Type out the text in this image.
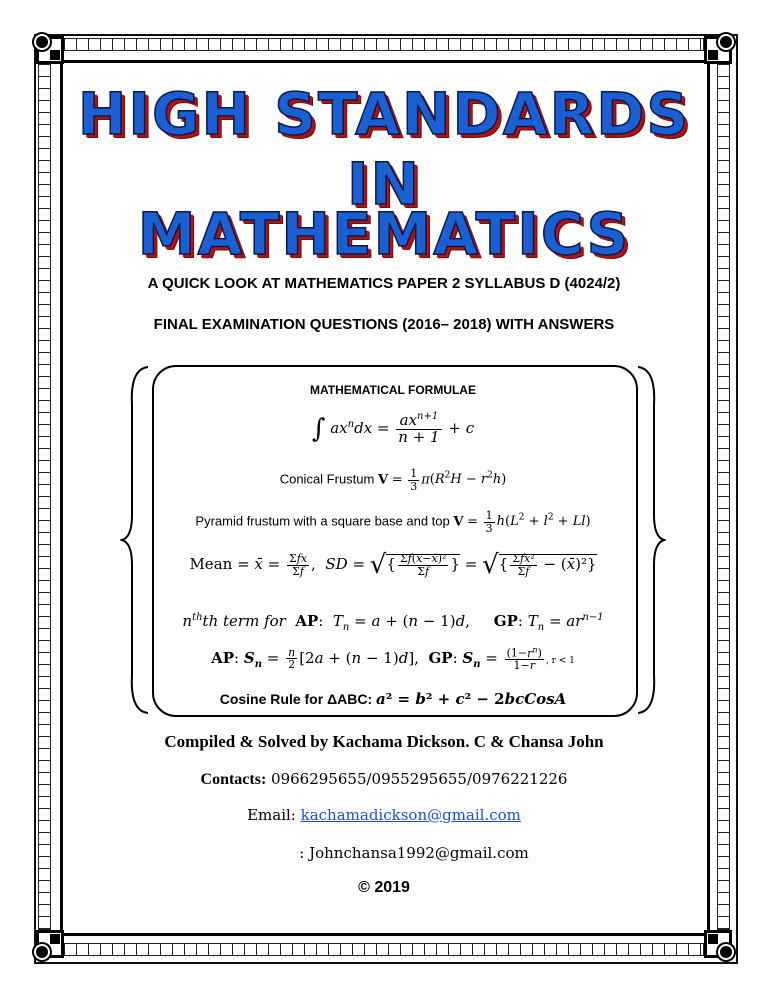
HIGH STANDARDS
IN
MATHEMATICS
A QUICK LOOK AT MATHEMATICS PAPER 2 SYLLABUS D (4024/2)
FINAL EXAMINATION QUESTIONS (2016– 2018) WITH ANSWERS
MATHEMATICAL FORMULAE
∫ $ax^ndx = \frac{ax^{n+1}}{n + 1} + c$
Conical Frustum $V = \frac{1}{3} \pi(R^2H - r^2h)$
Pyramid frustum with a square base and top $V = \frac{1}{3} h(L^2 + l^2 + Ll)$
Mean = x̄ = $\frac{\text{Σfx}}{\Sigma f}$ ,  SD = √{ $\frac{\text{Σf(x−x̄)²}}{\Sigma f}$ } = √{ $\frac{\text{Σfx²}}{\Sigma f}$ − (x̄)²}
$n^{th}th$ term for AP:  $T_n = a + (n - 1)d$,     GP: $T_n = ar^{n-1}$
AP: $S_n = \frac{n}{2} [2a + (n - 1)d]$,  GP: $S_n = \frac{(1-r^n)}{1-r}$ , r < 1
Cosine Rule for ΔABC: a² = b² + c² − 2bcCosA
Compiled & Solved by Kachama Dickson. C & Chansa John
Contacts: 0966295655/0955295655/0976221226
Email: kachamadickson@gmail.com
: Johnchansa1992@gmail.com
© 2019
